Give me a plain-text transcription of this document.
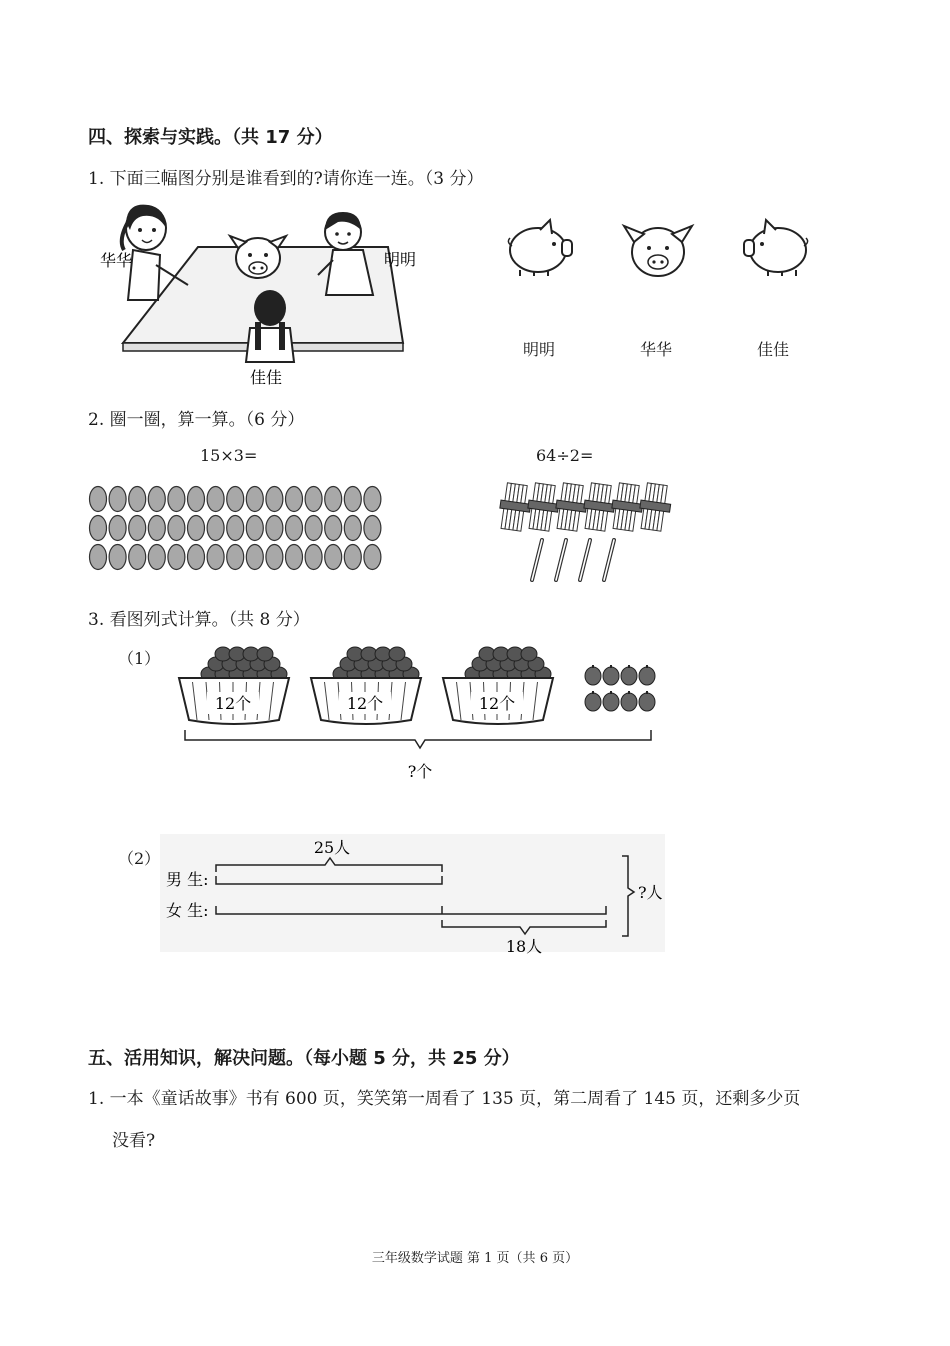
四、探索与实践。（共 17 分）
1. 下面三幅图分别是谁看到的?请你连一连。（3 分）
华华	明明
佳佳
明明	华华	佳佳
2. 圈一圈，算一算。（6 分）
15×3=	64÷2=
3. 看图列式计算。（共 8 分）
（1）
?个
12个	12个	12个
（2）
男 生:
女 生:
25人
18人
?人
五、活用知识，解决问题。（每小题 5 分，共 25 分）
1. 一本《童话故事》书有 600 页，笑笑第一周看了 135 页，第二周看了 145 页，还剩多少页
没看?
三年级数学试题 第 1 页（共 6 页）
